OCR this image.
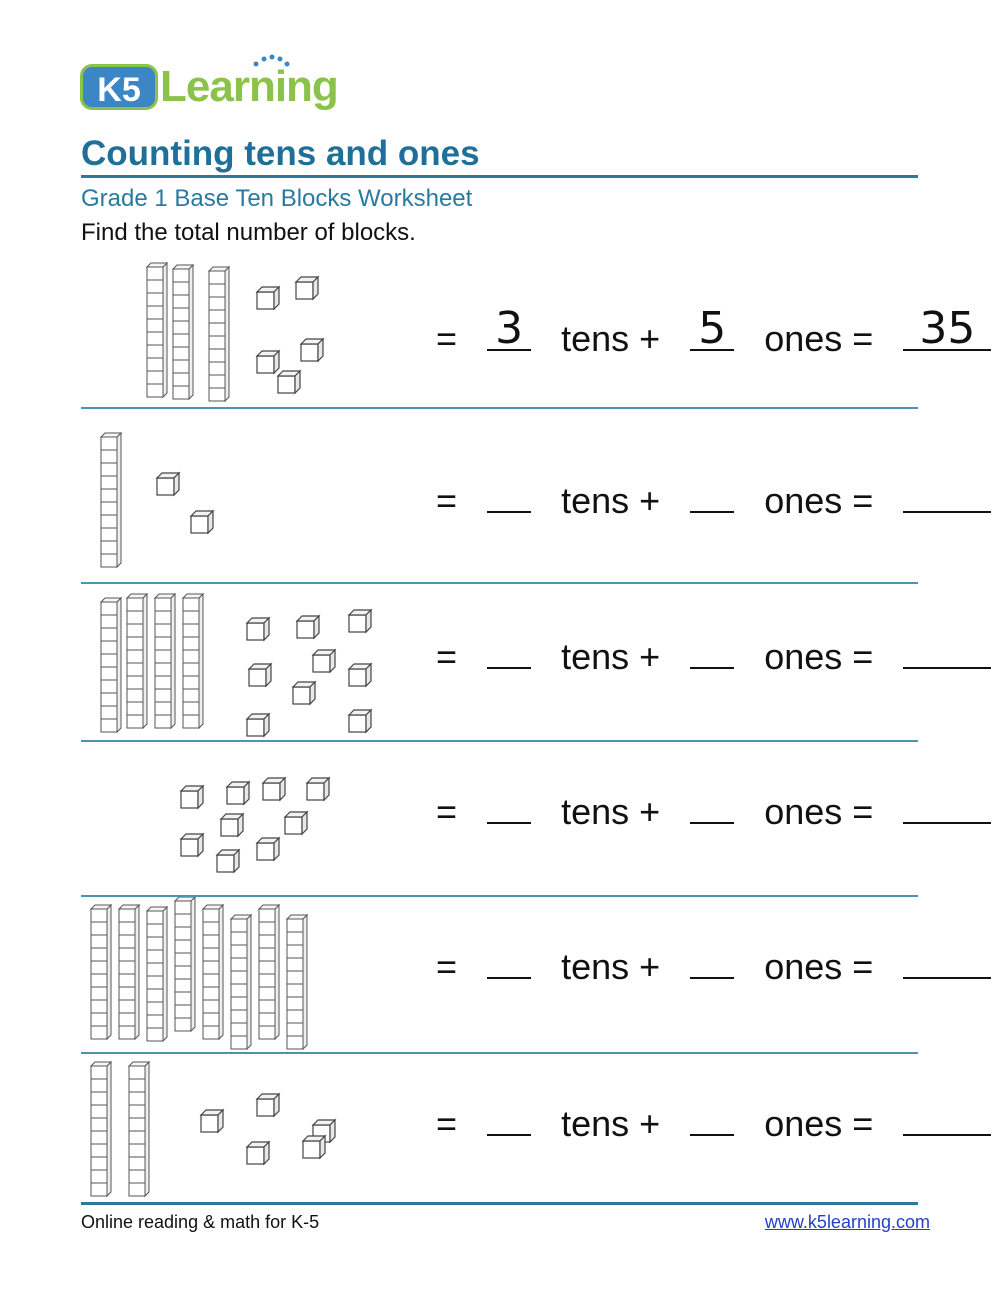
K5 Learning
Counting tens and ones
Grade 1 Base Ten Blocks Worksheet
Find the total number of blocks.
= 3 tens + 5 ones =	35
=	tens +	ones =
=	tens +	ones =
=	tens +	ones =
=	tens +	ones =
=	tens +	ones =
Online reading & math for K-5	www.k5learning.com
